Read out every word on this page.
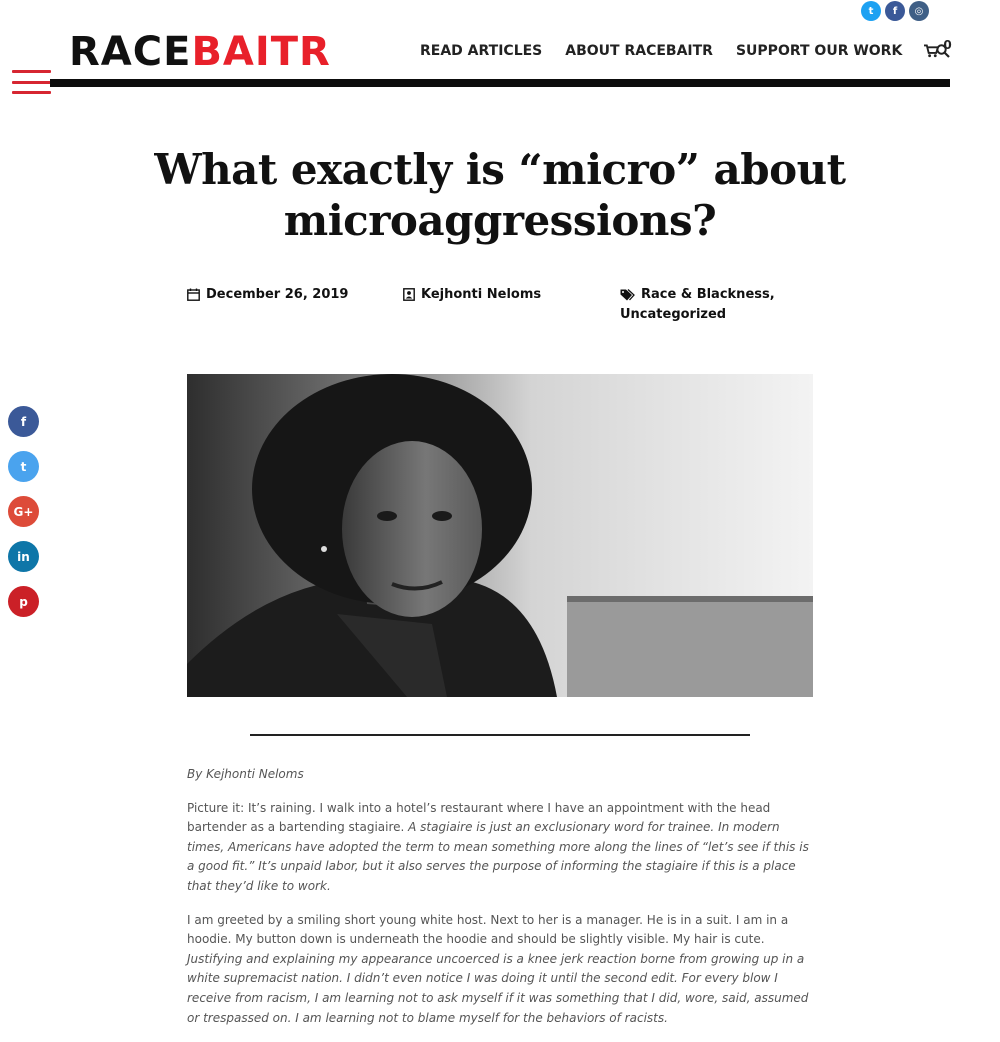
t	f	◎
RACEBAITR	READ ARTICLES ABOUT RACEBAITR SUPPORT OUR WORK	0
What exactly is “micro” about microaggressions?
December 26, 2019	Kejhonti Neloms	Race & Blackness, Uncategorized

By Kejhonti Neloms

Picture it: It’s raining. I walk into a hotel’s restaurant where I have an appointment with the head bartender as a bartending stagiaire. A stagiaire is just an exclusionary word for trainee. In modern times, Americans have adopted the term to mean something more along the lines of “let’s see if this is a good fit.” It’s unpaid labor, but it also serves the purpose of informing the stagiaire if this is a place that they’d like to work.

I am greeted by a smiling short young white host. Next to her is a manager. He is in a suit. I am in a hoodie. My button down is underneath the hoodie and should be slightly visible. My hair is cute. Justifying and explaining my appearance uncoerced is a knee jerk reaction borne from growing up in a white supremacist nation. I didn’t even notice I was doing it until the second edit. For every blow I receive from racism, I am learning not to ask myself if it was something that I did, wore, said, assumed or trespassed on. I am learning not to blame myself for the behaviors of racists.

f
t
G+
in
p
